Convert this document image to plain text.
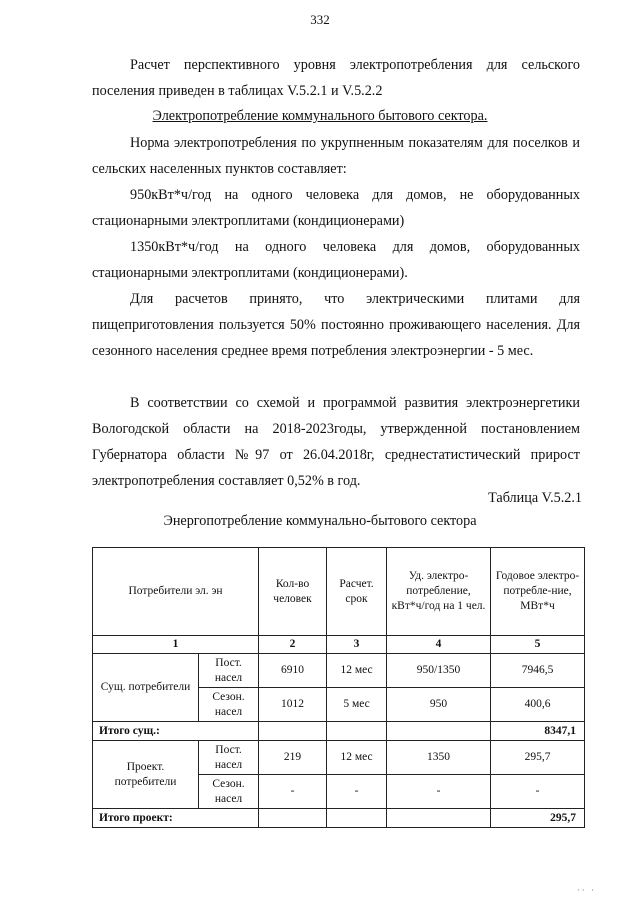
332

Расчет перспективного уровня электропотребления для сельского поселения приведен в таблицах V.5.2.1 и V.5.2.2

Электропотребление коммунального бытового сектора.

Норма электропотребления по укрупненным показателям для поселков и сельских населенных пунктов составляет:

950кВт*ч/год на одного человека для домов, не оборудованных стационарными электроплитами (кондиционерами)

1350кВт*ч/год на одного человека для домов, оборудованных стационарными электроплитами (кондиционерами).

Для расчетов принято, что электрическими плитами для пищеприготовления пользуется 50% постоянно проживающего населения. Для сезонного населения среднее время потребления электроэнергии - 5 мес.

В соответствии со схемой и программой развития электроэнергетики Вологодской области на 2018-2023годы, утвержденной постановлением Губернатора области №97 от 26.04.2018г, среднестатистический прирост электропотребления составляет 0,52% в год.

Таблица V.5.2.1
Энергопотребление коммунально-бытового сектора
Потребители эл. эн		Кол-во человек	Расчет. срок	Уд. электро-потребление, кВт*ч/год на 1 чел.	Годовое электро-потребле-ние, МВт*ч
1		2	3	4	5
Сущ. потребители	Пост. насел	6910	12 мес	950/1350	7946,5
	Сезон. насел	1012	5 мес	950	400,6
Итого сущ.:					8347,1
Проект. потребители	Пост. насел	219	12 мес	1350	295,7
	Сезон. насел	-	-	-	-
Итого проект:					295,7
·· ·
